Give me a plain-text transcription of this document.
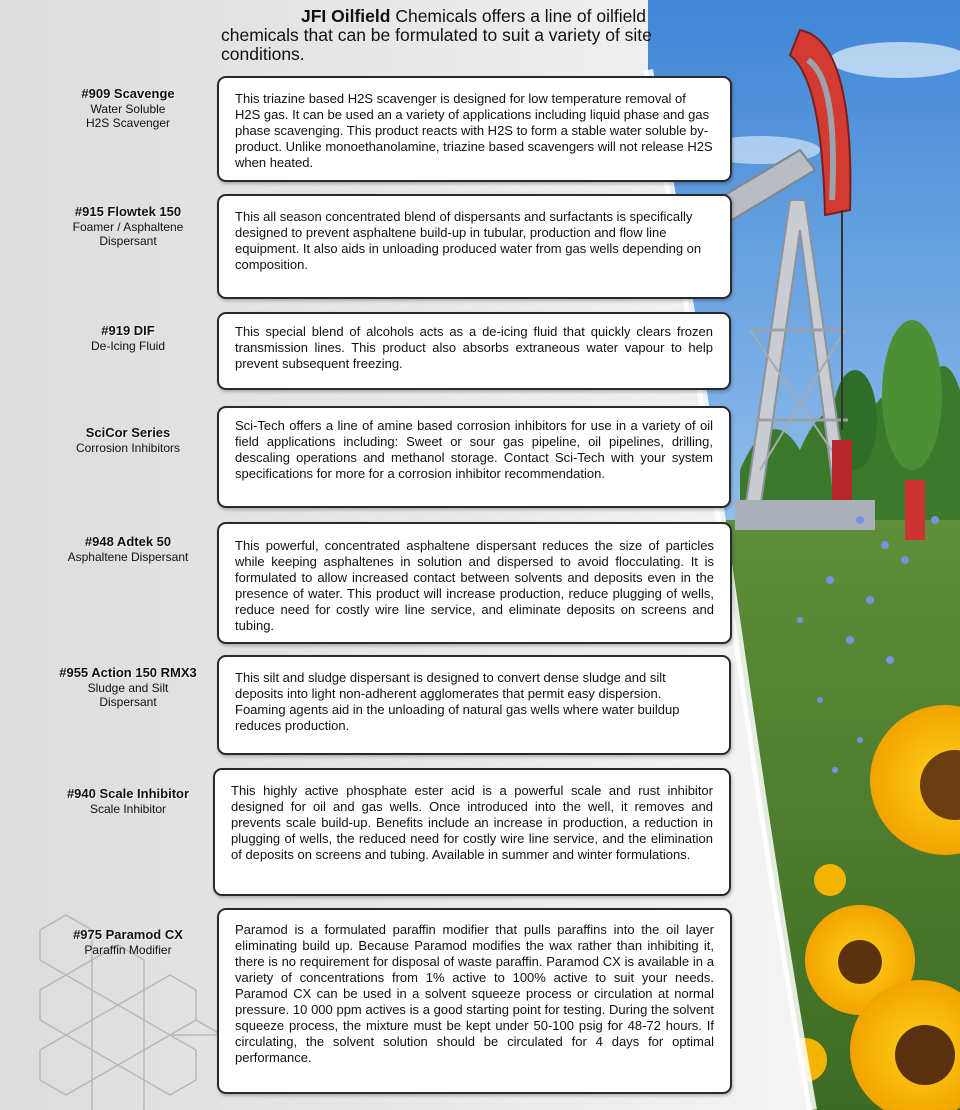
JFI Oilfield Chemicals offers a line of oilfield
chemicals that can be formulated to suit a variety of site conditions.
#909 Scavenge
Water Soluble H2S Scavenger
This triazine based H2S scavenger is designed for low temperature removal of H2S gas. It can be used an a variety of applications including liquid phase and gas phase scavenging. This product reacts with H2S to form a stable water soluble by-product. Unlike monoethanolamine, triazine based scavengers will not release H2S when heated.
#915 Flowtek 150
Foamer / Asphaltene Dispersant
This all season concentrated blend of dispersants and surfactants is specifically designed to prevent asphaltene build-up in tubular, production and flow line equipment. It also aids in unloading produced water from gas wells depending on composition.
#919 DIF
De-Icing Fluid
This special blend of alcohols acts as a de-icing fluid that quickly clears frozen transmission lines. This product also absorbs extraneous water vapour to help prevent subsequent freezing.
SciCor Series
Corrosion Inhibitors
Sci-Tech offers a line of amine based corrosion inhibitors for use in a variety of oil field applications including: Sweet or sour gas pipeline, oil pipelines, drilling, descaling operations and methanol storage. Contact Sci-Tech with your system specifications for more for a corrosion inhibitor recommendation.
#948 Adtek 50
Asphaltene Dispersant
This powerful, concentrated asphaltene dispersant reduces the size of particles while keeping asphaltenes in solution and dispersed to avoid flocculating. It is formulated to allow increased contact between solvents and deposits even in the presence of water. This product will increase production, reduce plugging of wells, reduce need for costly wire line service, and eliminate deposits on screens and tubing.
#955 Action 150 RMX3
Sludge and Silt Dispersant
This silt and sludge dispersant is designed to convert dense sludge and silt deposits into light non-adherent agglomerates that permit easy dispersion. Foaming agents aid in the unloading of natural gas wells where water buildup reduces production.
#940 Scale Inhibitor
Scale Inhibitor
This highly active phosphate ester acid is a powerful scale and rust inhibitor designed for oil and gas wells. Once introduced into the well, it removes and prevents scale build-up. Benefits include an increase in production, a reduction in plugging of wells, the reduced need for costly wire line service, and the elimination of deposits on screens and tubing. Available in summer and winter formulations.
#975 Paramod CX
Paraffin Modifier
Paramod is a formulated paraffin modifier that pulls paraffins into the oil layer eliminating build up. Because Paramod modifies the wax rather than inhibiting it, there is no requirement for disposal of waste paraffin. Paramod CX is available in a variety of concentrations from 1% active to 100% active to suit your needs. Paramod CX can be used in a solvent squeeze process or circulation at normal pressure. 10 000 ppm actives is a good starting point for testing. During the solvent squeeze process, the mixture must be kept under 50-100 psig for 48-72 hours. If circulating, the solvent solution should be circulated for 4 days for optimal performance.
